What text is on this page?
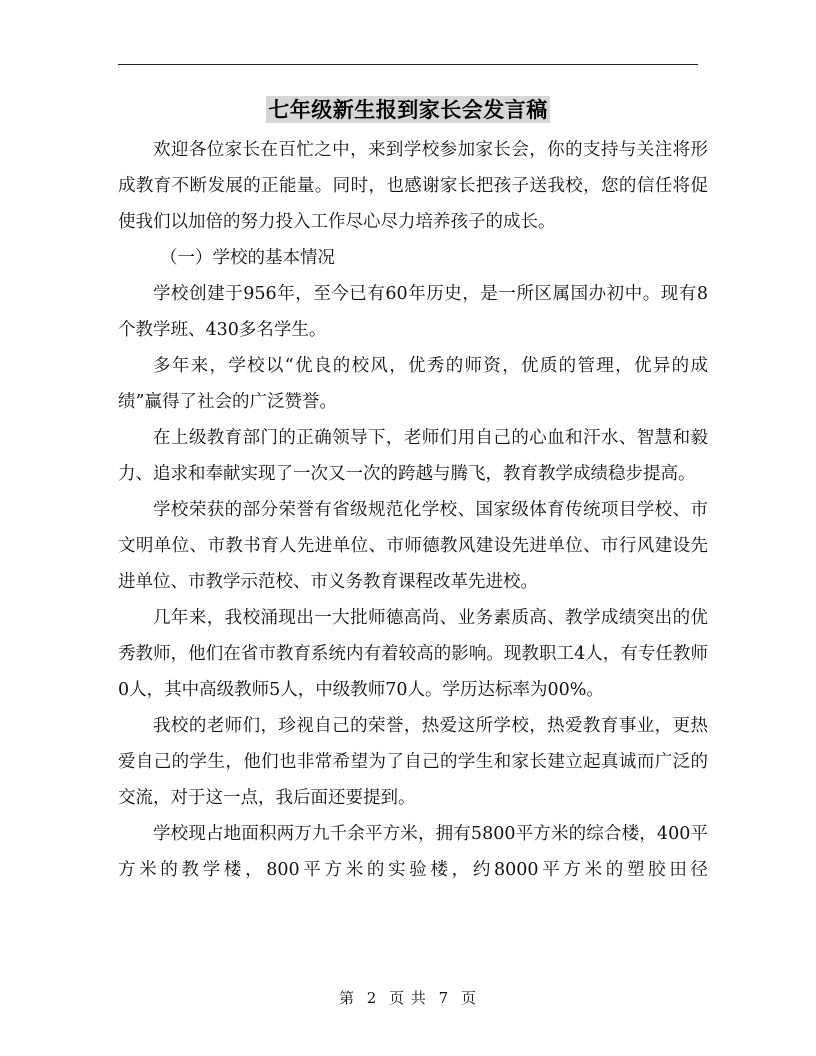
七年级新生报到家长会发言稿

欢迎各位家长在百忙之中，来到学校参加家长会，你的支持与关注将形成教育不断发展的正能量。同时，也感谢家长把孩子送我校，您的信任将促使我们以加倍的努力投入工作尽心尽力培养孩子的成长。

（一）学校的基本情况

学校创建于956年，至今已有60年历史，是一所区属国办初中。现有8个教学班、430多名学生。

多年来，学校以“优良的校风，优秀的师资，优质的管理，优异的成绩”赢得了社会的广泛赞誉。

在上级教育部门的正确领导下，老师们用自己的心血和汗水、智慧和毅力、追求和奉献实现了一次又一次的跨越与腾飞，教育教学成绩稳步提高。

学校荣获的部分荣誉有省级规范化学校、国家级体育传统项目学校、市文明单位、市教书育人先进单位、市师德教风建设先进单位、市行风建设先进单位、市教学示范校、市义务教育课程改革先进校。

几年来，我校涌现出一大批师德高尚、业务素质高、教学成绩突出的优秀教师，他们在省市教育系统内有着较高的影响。现教职工4人，有专任教师0人，其中高级教师5人，中级教师70人。学历达标率为00%。

我校的老师们，珍视自己的荣誉，热爱这所学校，热爱教育事业，更热爱自己的学生，他们也非常希望为了自己的学生和家长建立起真诚而广泛的交流，对于这一点，我后面还要提到。

学校现占地面积两万九千余平方米，拥有5800平方米的综合楼，400平方米的教学楼，800平方米的实验楼，约8000平方米的塑胶田径

第 2 页 共 7 页
